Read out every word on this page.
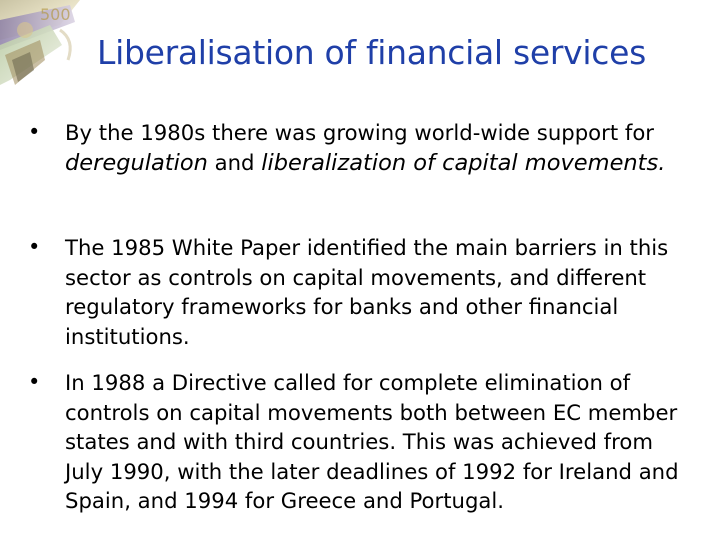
500
Liberalisation of financial services
•	By the 1980s there was growing world-wide support for deregulation and liberalization of capital movements.
•	The 1985 White Paper identified the main barriers in this sector as controls on capital movements, and different regulatory frameworks for banks and other financial institutions.
•	In 1988 a Directive called for complete elimination of controls on capital movements both between EC member states and with third countries. This was achieved from July 1990, with the later deadlines of 1992 for Ireland and Spain, and 1994 for Greece and Portugal.
